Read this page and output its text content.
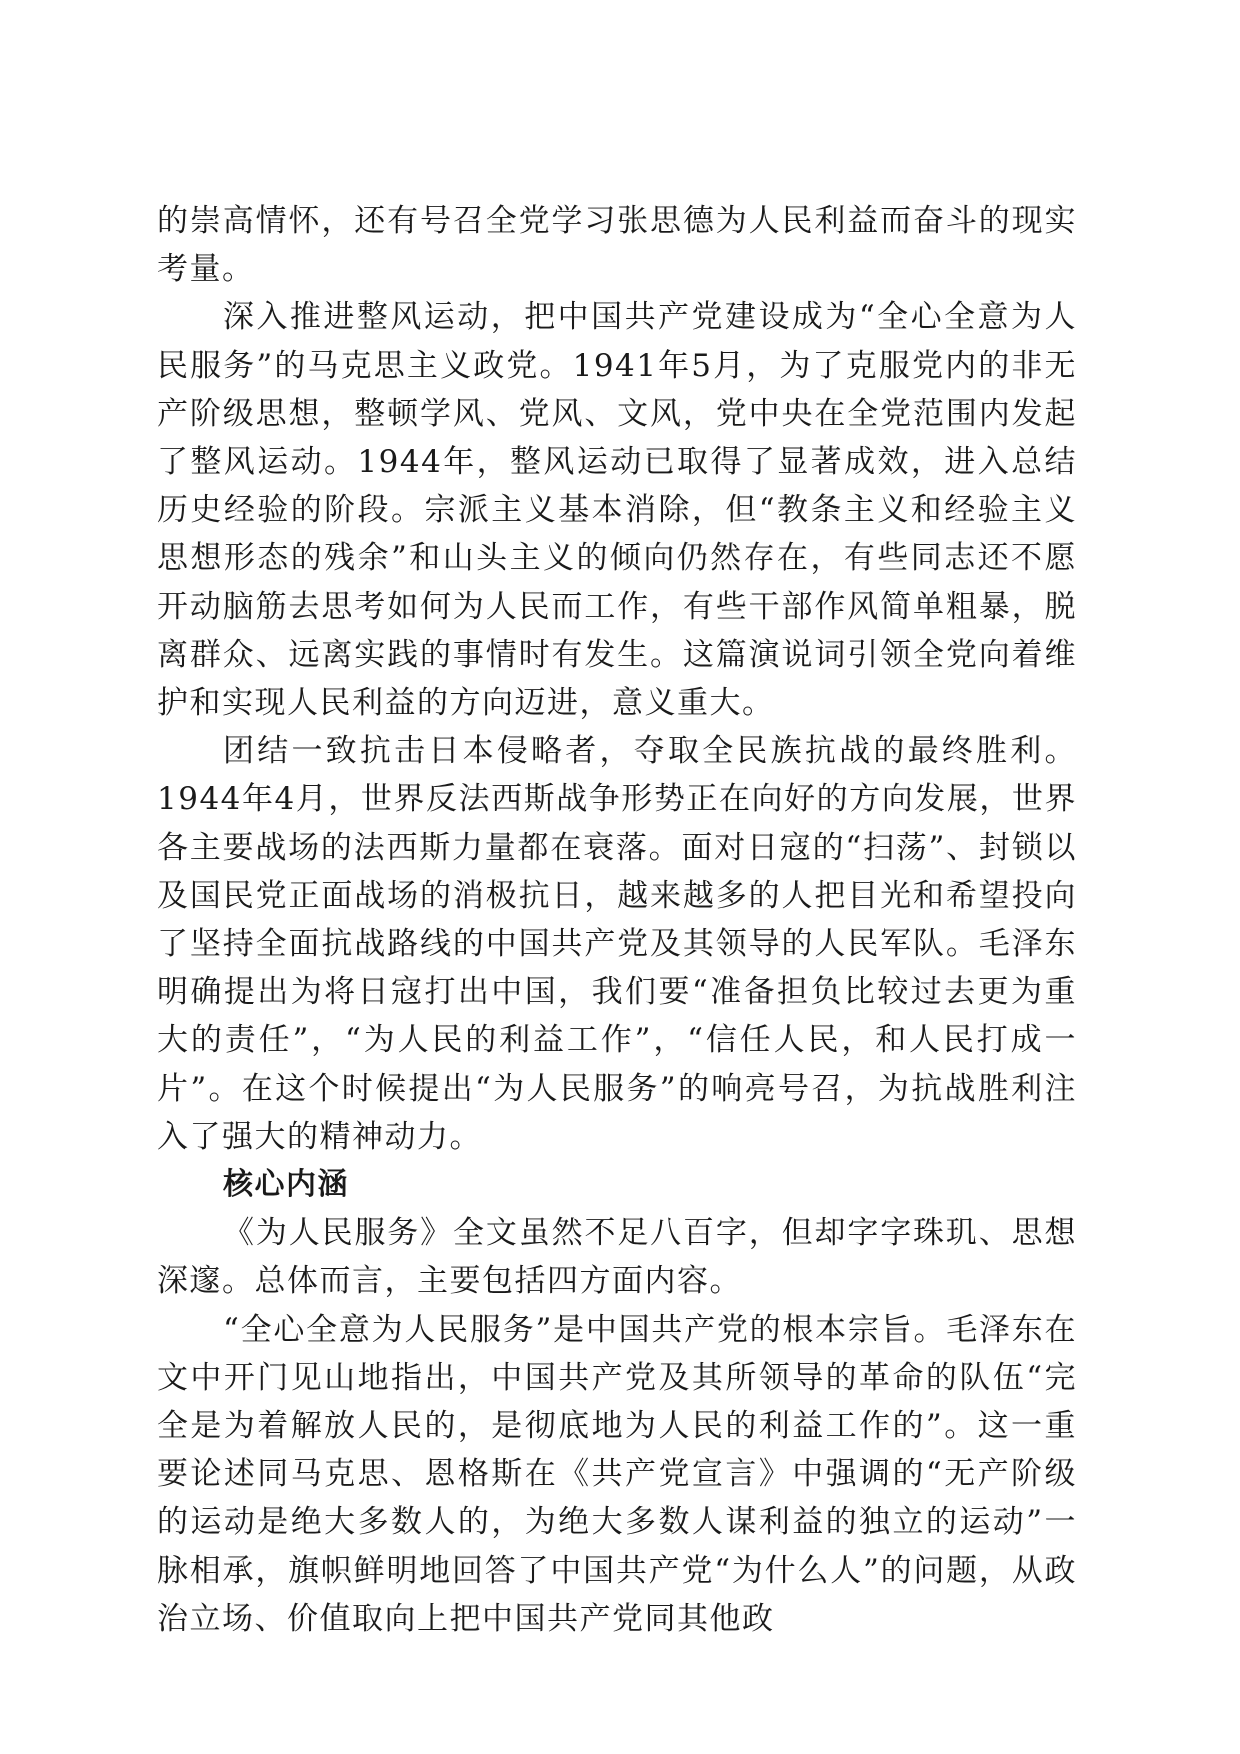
的崇高情怀，还有号召全党学习张思德为人民利益而奋斗的现实考量。

深入推进整风运动，把中国共产党建设成为“全心全意为人民服务”的马克思主义政党。1941年5月，为了克服党内的非无产阶级思想，整顿学风、党风、文风，党中央在全党范围内发起了整风运动。1944年，整风运动已取得了显著成效，进入总结历史经验的阶段。宗派主义基本消除，但“教条主义和经验主义思想形态的残余”和山头主义的倾向仍然存在，有些同志还不愿开动脑筋去思考如何为人民而工作，有些干部作风简单粗暴，脱离群众、远离实践的事情时有发生。这篇演说词引领全党向着维护和实现人民利益的方向迈进，意义重大。

团结一致抗击日本侵略者，夺取全民族抗战的最终胜利。1944年4月，世界反法西斯战争形势正在向好的方向发展，世界各主要战场的法西斯力量都在衰落。面对日寇的“扫荡”、封锁以及国民党正面战场的消极抗日，越来越多的人把目光和希望投向了坚持全面抗战路线的中国共产党及其领导的人民军队。毛泽东明确提出为将日寇打出中国，我们要“准备担负比较过去更为重大的责任”，“为人民的利益工作”，“信任人民，和人民打成一片”。在这个时候提出“为人民服务”的响亮号召，为抗战胜利注入了强大的精神动力。

核心内涵

《为人民服务》全文虽然不足八百字，但却字字珠玑、思想深邃。总体而言，主要包括四方面内容。

“全心全意为人民服务”是中国共产党的根本宗旨。毛泽东在文中开门见山地指出，中国共产党及其所领导的革命的队伍“完全是为着解放人民的，是彻底地为人民的利益工作的”。这一重要论述同马克思、恩格斯在《共产党宣言》中强调的“无产阶级的运动是绝大多数人的，为绝大多数人谋利益的独立的运动”一脉相承，旗帜鲜明地回答了中国共产党“为什么人”的问题，从政治立场、价值取向上把中国共产党同其他政
